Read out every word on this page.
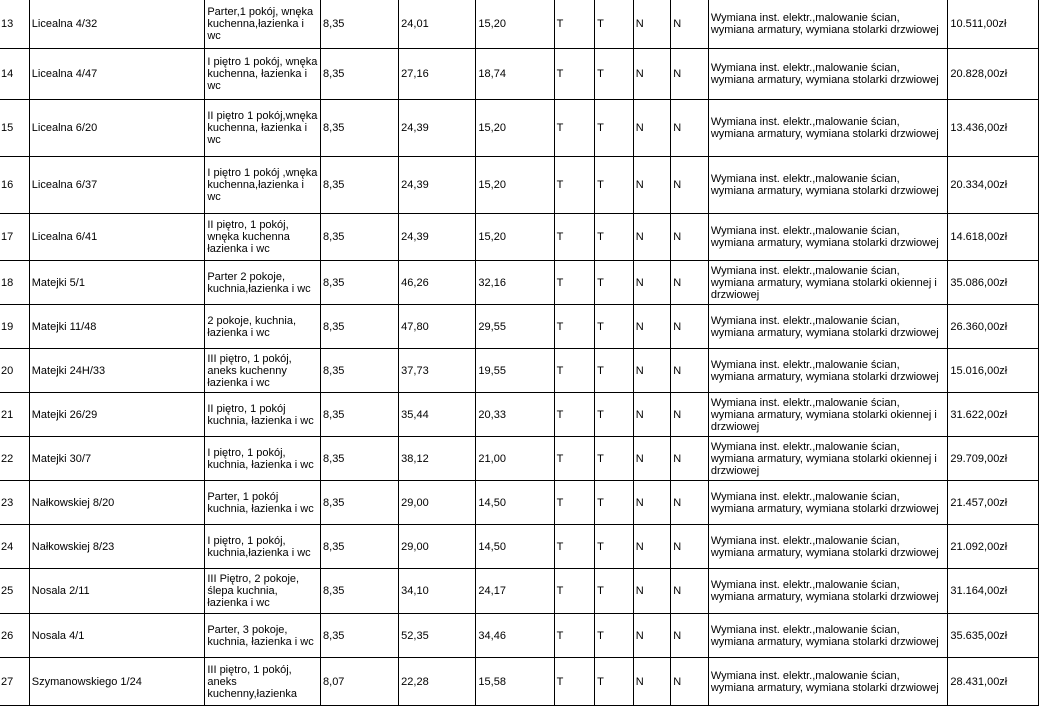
13	Licealna 4/32	Parter,1 pokój, wnęka kuchenna,łazienka i wc	8,35	24,01	15,20	T	T	N	N	Wymiana inst. elektr.,malowanie ścian, wymiana armatury, wymiana stolarki drzwiowej	10.511,00zł
14	Licealna 4/47	I piętro 1 pokój, wnęka kuchenna, łazienka i wc	8,35	27,16	18,74	T	T	N	N	Wymiana inst. elektr.,malowanie ścian, wymiana armatury, wymiana stolarki drzwiowej	20.828,00zł
15	Licealna 6/20	II piętro 1 pokój,wnęka kuchenna, łazienka i wc	8,35	24,39	15,20	T	T	N	N	Wymiana inst. elektr.,malowanie ścian, wymiana armatury, wymiana stolarki drzwiowej	13.436,00zł
16	Licealna 6/37	I piętro 1 pokój ,wnęka kuchenna,łazienka i wc	8,35	24,39	15,20	T	T	N	N	Wymiana inst. elektr.,malowanie ścian, wymiana armatury, wymiana stolarki drzwiowej	20.334,00zł
17	Licealna 6/41	II piętro, 1 pokój, wnęka kuchenna łazienka i wc	8,35	24,39	15,20	T	T	N	N	Wymiana inst. elektr.,malowanie ścian, wymiana armatury, wymiana stolarki drzwiowej	14.618,00zł
18	Matejki 5/1	Parter 2 pokoje, kuchnia,łazienka i wc	8,35	46,26	32,16	T	T	N	N	Wymiana inst. elektr.,malowanie ścian, wymiana armatury, wymiana stolarki okiennej i drzwiowej	35.086,00zł
19	Matejki 11/48	2 pokoje, kuchnia, łazienka i wc	8,35	47,80	29,55	T	T	N	N	Wymiana inst. elektr.,malowanie ścian, wymiana armatury, wymiana stolarki drzwiowej	26.360,00zł
20	Matejki 24H/33	III piętro, 1 pokój, aneks kuchenny łazienka i wc	8,35	37,73	19,55	T	T	N	N	Wymiana inst. elektr.,malowanie ścian, wymiana armatury, wymiana stolarki drzwiowej	15.016,00zł
21	Matejki 26/29	II piętro, 1 pokój kuchnia, łazienka i wc	8,35	35,44	20,33	T	T	N	N	Wymiana inst. elektr.,malowanie ścian, wymiana armatury, wymiana stolarki okiennej i drzwiowej	31.622,00zł
22	Matejki 30/7	I piętro, 1 pokój, kuchnia, łazienka i wc	8,35	38,12	21,00	T	T	N	N	Wymiana inst. elektr.,malowanie ścian, wymiana armatury, wymiana stolarki okiennej i drzwiowej	29.709,00zł
23	Nałkowskiej 8/20	Parter, 1 pokój kuchnia, łazienka i wc	8,35	29,00	14,50	T	T	N	N	Wymiana inst. elektr.,malowanie ścian, wymiana armatury, wymiana stolarki drzwiowej	21.457,00zł
24	Nałkowskiej 8/23	I piętro, 1 pokój, kuchnia,łazienka i wc	8,35	29,00	14,50	T	T	N	N	Wymiana inst. elektr.,malowanie ścian, wymiana armatury, wymiana stolarki drzwiowej	21.092,00zł
25	Nosala 2/11	III Piętro, 2 pokoje, ślepa kuchnia, łazienka i wc	8,35	34,10	24,17	T	T	N	N	Wymiana inst. elektr.,malowanie ścian, wymiana armatury, wymiana stolarki drzwiowej	31.164,00zł
26	Nosala 4/1	Parter, 3 pokoje, kuchnia, łazienka i wc	8,35	52,35	34,46	T	T	N	N	Wymiana inst. elektr.,malowanie ścian, wymiana armatury, wymiana stolarki drzwiowej	35.635,00zł
27	Szymanowskiego 1/24	III piętro, 1 pokój, aneks kuchenny,łazienka	8,07	22,28	15,58	T	T	N	N	Wymiana inst. elektr.,malowanie ścian, wymiana armatury, wymiana stolarki drzwiowej	28.431,00zł
